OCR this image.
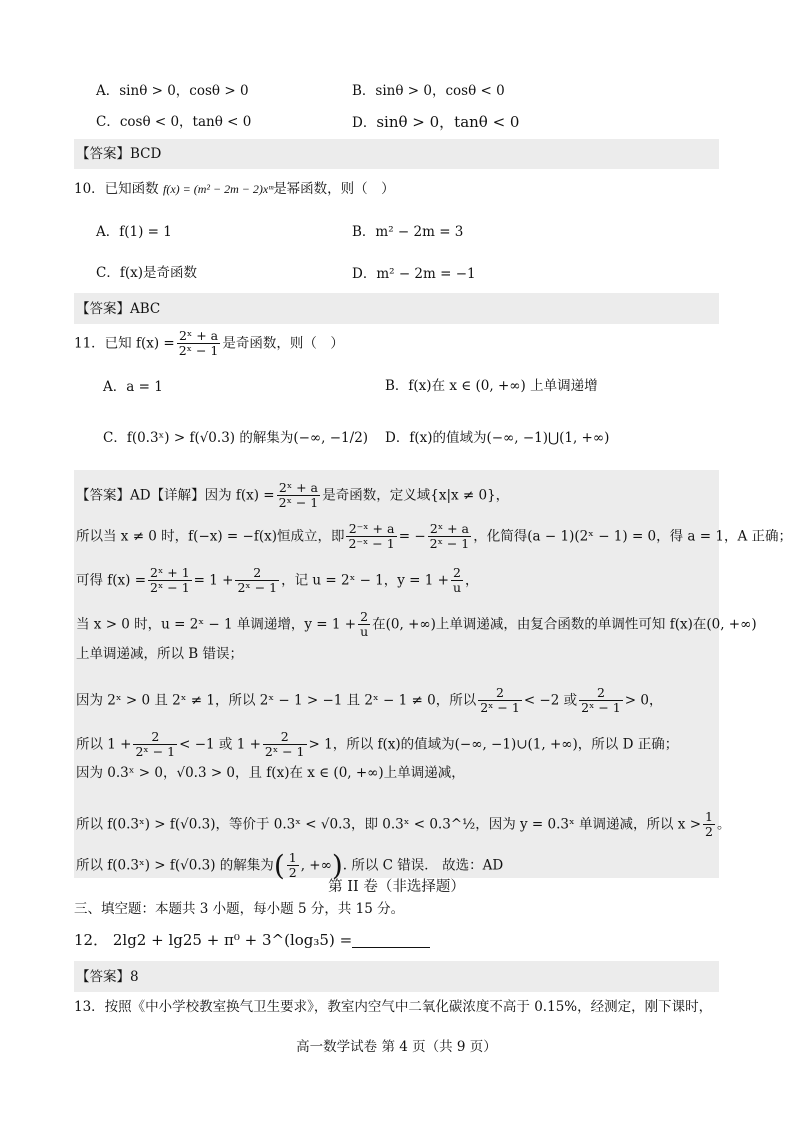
A．sinθ > 0，cosθ > 0	B．sinθ > 0，cosθ < 0
C．cosθ < 0，tanθ < 0	D．sinθ > 0，tanθ < 0
【答案】BCD
10．已知函数 f(x) = (m² − 2m − 2)xᵐ是幂函数，则（　）
A．f(1) = 1	B．m² − 2m = 3
C．f(x)是奇函数	D．m² − 2m = −1
【答案】ABC
11．已知 $f(x) = \frac{\text{2ˣ + a}}{\text{2ˣ − 1}}$ 是奇函数，则（　）
A．a = 1	B．f(x)在 x ∈ (0, +∞) 上单调递增
C．f(0.3ˣ) > f(√0.3) 的解集为(−∞, −1/2) D．f(x)的值域为(−∞, −1)⋃(1, +∞)
【答案】AD【详解】因为 $f(x) = \frac{\text{2ˣ + a}}{\text{2ˣ − 1}}$ 是奇函数，定义域{x|x ≠ 0}，
所以当 x ≠ 0 时，f(−x) = −f(x)恒成立，即 $\frac{\text{2⁻ˣ + a}}{\text{2⁻ˣ − 1}}$ = − $\frac{\text{2ˣ + a}}{\text{2ˣ − 1}}$ ，化简得(a − 1)(2ˣ − 1) = 0，得 a = 1，A 正确；
可得 $f(x) = \frac{\text{2ˣ + 1}}{\text{2ˣ − 1}} = 1 + \frac{2}{\text{2ˣ − 1}}$ ，记 u = 2ˣ − 1，$y = 1 + \frac{2}{u}$ ，
当 x > 0 时，u = 2ˣ − 1 单调递增，$y = 1 + \frac{2}{u}$ 在(0, +∞)上单调递减，由复合函数的单调性可知 f(x)在(0, +∞)
上单调递减，所以 B 错误；
因为 2ˣ > 0 且 2ˣ ≠ 1，所以 2ˣ − 1 > −1 且 2ˣ − 1 ≠ 0，所以 $\frac{2}{\text{2ˣ − 1}} < -2$ 或 $\frac{2}{\text{2ˣ − 1}} > 0$，
所以 $1 + \frac{2}{\text{2ˣ − 1}} < -1$ 或 $1 + \frac{2}{\text{2ˣ − 1}} > 1$，所以 f(x)的值域为(−∞, −1)∪(1, +∞)，所以 D 正确；
因为 0.3ˣ > 0，√0.3 > 0，且 f(x)在 x ∈ (0, +∞)上单调递减，
所以 f(0.3ˣ) > f(√0.3)，等价于 0.3ˣ < √0.3，即 0.3ˣ < 0.3^½，因为 y = 0.3ˣ 单调递减，所以 $x > \frac{1}{2}$ 。
所以 f(0.3ˣ) > f(√0.3) 的解集为( $\frac{1}{2}$ , +∞). 所以 C 错误． 故选：AD
第 II 卷（非选择题）
三、填空题：本题共 3 小题，每小题 5 分，共 15 分。
12． 2lg2 + lg25 + π⁰ + 3^(log₃5) =
【答案】8
13．按照《中小学校教室换气卫生要求》，教室内空气中二氧化碳浓度不高于 0.15%，经测定，刚下课时，
高一数学试卷 第 4 页（共 9 页）
